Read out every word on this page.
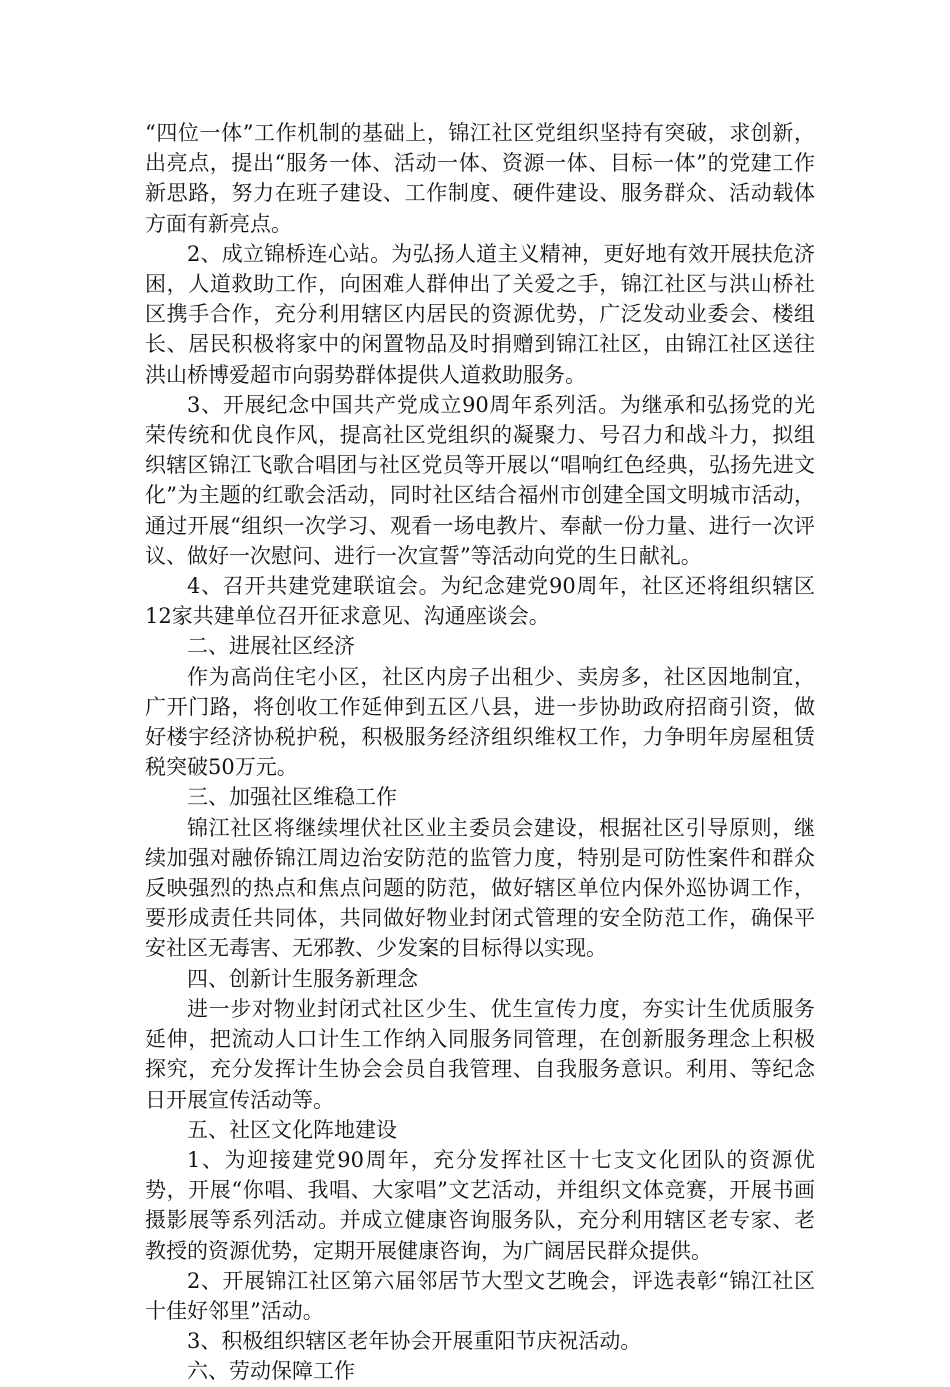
“四位一体”工作机制的基础上，锦江社区党组织坚持有突破，求创新，出亮点，提出“服务一体、活动一体、资源一体、目标一体”的党建工作新思路，努力在班子建设、工作制度、硬件建设、服务群众、活动载体方面有新亮点。

2、成立锦桥连心站。为弘扬人道主义精神，更好地有效开展扶危济困，人道救助工作，向困难人群伸出了关爱之手，锦江社区与洪山桥社区携手合作，充分利用辖区内居民的资源优势，广泛发动业委会、楼组长、居民积极将家中的闲置物品及时捐赠到锦江社区，由锦江社区送往洪山桥博爱超市向弱势群体提供人道救助服务。

3、开展纪念中国共产党成立90周年系列活。为继承和弘扬党的光荣传统和优良作风，提高社区党组织的凝聚力、号召力和战斗力，拟组织辖区锦江飞歌合唱团与社区党员等开展以“唱响红色经典，弘扬先进文化”为主题的红歌会活动，同时社区结合福州市创建全国文明城市活动，通过开展“组织一次学习、观看一场电教片、奉献一份力量、进行一次评议、做好一次慰问、进行一次宣誓”等活动向党的生日献礼。

4、召开共建党建联谊会。为纪念建党90周年，社区还将组织辖区12家共建单位召开征求意见、沟通座谈会。

二、进展社区经济

作为高尚住宅小区，社区内房子出租少、卖房多，社区因地制宜，广开门路，将创收工作延伸到五区八县，进一步协助政府招商引资，做好楼宇经济协税护税，积极服务经济组织维权工作，力争明年房屋租赁税突破50万元。

三、加强社区维稳工作

锦江社区将继续埋伏社区业主委员会建设，根据社区引导原则，继续加强对融侨锦江周边治安防范的监管力度，特别是可防性案件和群众反映强烈的热点和焦点问题的防范，做好辖区单位内保外巡协调工作，要形成责任共同体，共同做好物业封闭式管理的安全防范工作，确保平安社区无毒害、无邪教、少发案的目标得以实现。

四、创新计生服务新理念

进一步对物业封闭式社区少生、优生宣传力度，夯实计生优质服务延伸，把流动人口计生工作纳入同服务同管理，在创新服务理念上积极探究，充分发挥计生协会会员自我管理、自我服务意识。利用、等纪念日开展宣传活动等。

五、社区文化阵地建设

1、为迎接建党90周年，充分发挥社区十七支文化团队的资源优势，开展“你唱、我唱、大家唱”文艺活动，并组织文体竞赛，开展书画摄影展等系列活动。并成立健康咨询服务队，充分利用辖区老专家、老教授的资源优势，定期开展健康咨询，为广阔居民群众提供。

2、开展锦江社区第六届邻居节大型文艺晚会，评选表彰“锦江社区十佳好邻里”活动。

3、积极组织辖区老年协会开展重阳节庆祝活动。

六、劳动保障工作
